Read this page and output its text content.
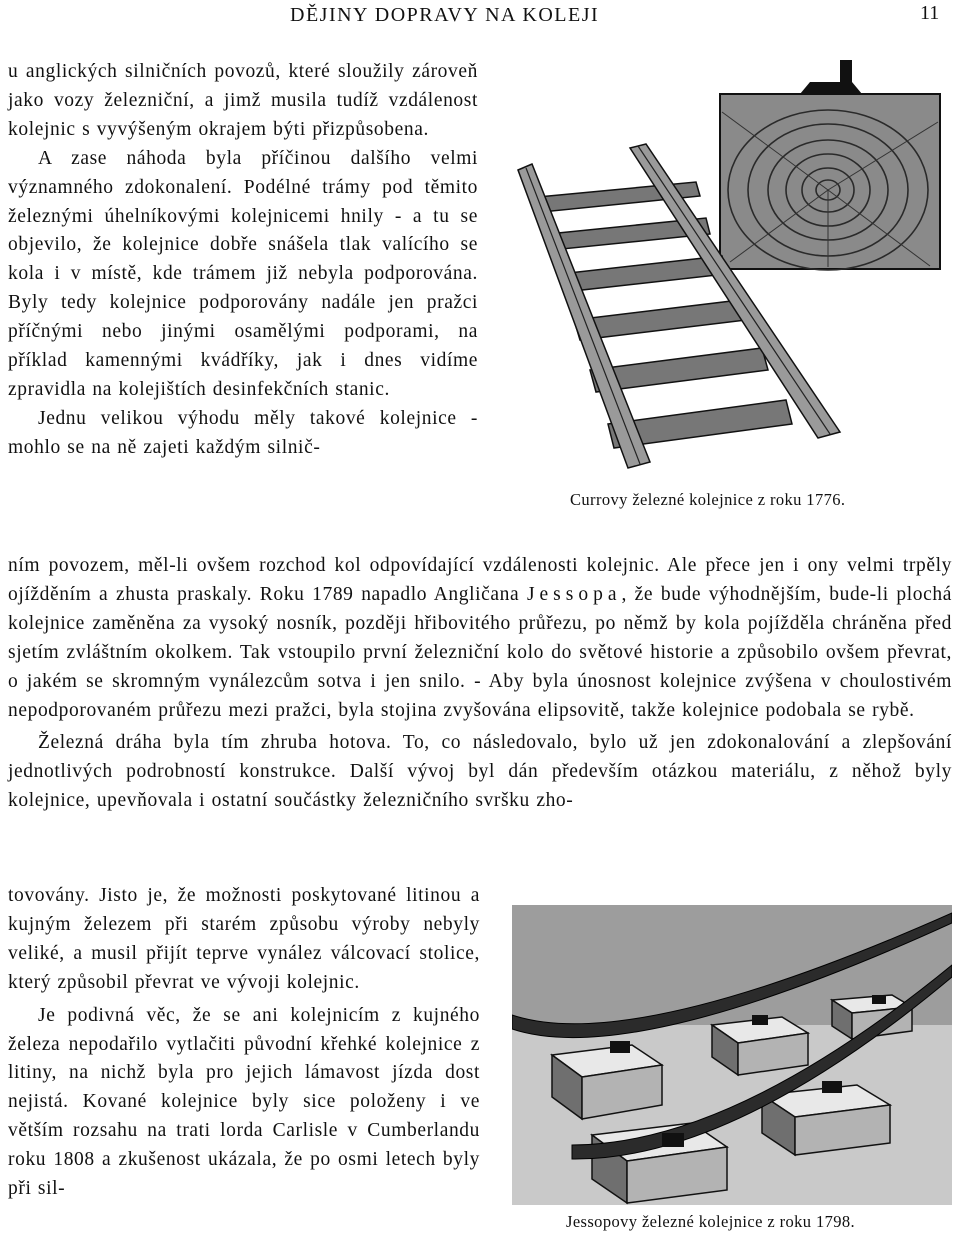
DĚJINY DOPRAVY NA KOLEJI	11

u anglických silničních povozů, které sloužily zároveň jako vozy železniční, a jimž musila tudíž vzdálenost kolejnic s vyvýšeným okrajem býti přizpůsobena.

A zase náhoda byla příčinou dalšího velmi významného zdokonalení. Podélné trámy pod těmito železnými úhelníkovými kolejnicemi hnily - a tu se objevilo, že kolejnice dobře snášela tlak valícího se kola i v místě, kde trámem již nebyla podporována. Byly tedy kolejnice podporovány nadále jen pražci příčnými nebo jinými osamělými podporami, na příklad kamennými kvádříky, jak i dnes vidíme zpravidla na kolejištích desinfekčních stanic.

Jednu velikou výhodu měly takové kolejnice - mohlo se na ně zajeti každým silnič-

Currovy železné kolejnice z roku 1776.

ním povozem, měl-li ovšem rozchod kol odpovídající vzdálenosti kolejnic. Ale přece jen i ony velmi trpěly ojížděním a zhusta praskaly. Roku 1789 napadlo Angličana Jessopa, že bude výhodnějším, bude-li plochá kolejnice zaměněna za vysoký nosník, později hřibovitého průřezu, po němž by kola pojížděla chráněna před sjetím zvláštním okolkem. Tak vstoupilo první železniční kolo do světové historie a způsobilo ovšem převrat, o jakém se skromným vynálezcům sotva i jen snilo. - Aby byla únosnost kolejnice zvýšena v choulostivém nepodporovaném průřezu mezi pražci, byla stojina zvyšována elipsovitě, takže kolejnice podobala se rybě.

Železná dráha byla tím zhruba hotova. To, co následovalo, bylo už jen zdokonalování a zlepšování jednotlivých podrobností konstrukce. Další vývoj byl dán především otázkou materiálu, z něhož byly kolejnice, upevňovala i ostatní součástky železničního svršku zho-

tovovány. Jisto je, že možnosti poskytované litinou a kujným železem při starém způsobu výroby nebyly veliké, a musil přijít teprve vynález válcovací stolice, který způsobil převrat ve vývoji kolejnic.

Je podivná věc, že se ani kolejnicím z kujného železa nepodařilo vytlačiti původní křehké kolejnice z litiny, na nichž byla pro jejich lámavost jízda dost nejistá. Kované kolejnice byly sice položeny i ve větším rozsahu na trati lorda Carlisle v Cumberlandu roku 1808 a zkušenost ukázala, že po osmi letech byly při sil-

Jessopovy železné kolejnice z roku 1798.
